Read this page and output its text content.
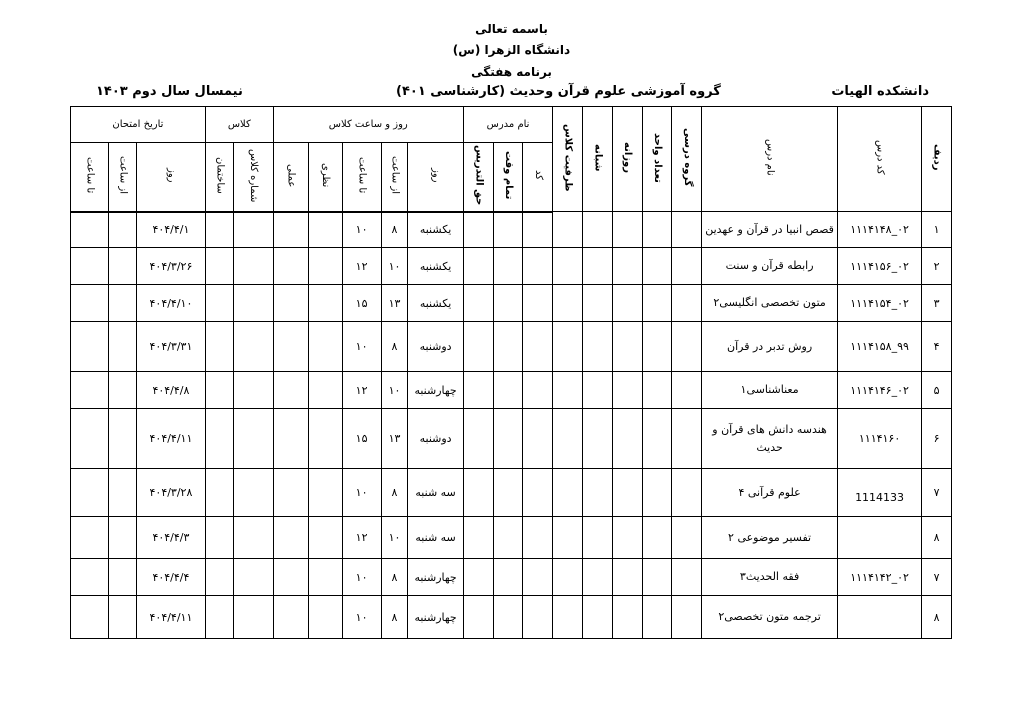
باسمه تعالی
دانشگاه الزهرا (س)
برنامه هفتگی
دانشکده الهیات
گروه آموزشی علوم قرآن وحدیث (کارشناسی ۴۰۱)
نیمسال سال دوم ۱۴۰۳
ردیف	کد درس	نام درس	گروه درسی	تعداد واحد	روزانه	شبانه	ظرفیت کلاس	نام مدرس			روز و ساعت کلاس					کلاس		تاریخ امتحان		
								کد	تمام وقت	حق التدریس	روز	از ساعت	تا ساعت	نظری	عملی	شماره کلاس	ساختمان	روز	از ساعت	تا ساعت
۱	۰۲_۱۱۱۴۱۴۸	قصص انبیا در قرآن و عهدین									یکشنبه	۸	۱۰					۴۰۴/۴/۱		
۲	۰۲_۱۱۱۴۱۵۶	رابطه قرآن و سنت									یکشنبه	۱۰	۱۲					۴۰۴/۳/۲۶		
۳	۰۲_۱۱۱۴۱۵۴	متون تخصصی انگلیسی۲									یکشنبه	۱۳	۱۵					۴۰۴/۴/۱۰		
۴	۹۹_۱۱۱۴۱۵۸	روش تدبر در قرآن									دوشنبه	۸	۱۰					۴۰۴/۳/۳۱		
۵	۰۲_۱۱۱۴۱۴۶	معناشناسی۱									چهارشنبه	۱۰	۱۲					۴۰۴/۴/۸		
۶	۱۱۱۴۱۶۰	هندسه دانش های قرآن و حدیث									دوشنبه	۱۳	۱۵					۴۰۴/۴/۱۱		
۷	1114133	علوم قرآنی ۴									سه شنبه	۸	۱۰					۴۰۴/۳/۲۸		
۸		تفسیر موضوعی ۲									سه شنبه	۱۰	۱۲					۴۰۴/۴/۳		
۷	۰۲_۱۱۱۴۱۴۲	فقه الحدیث۳									چهارشنبه	۸	۱۰					۴۰۴/۴/۴		
۸		ترجمه متون تخصصی۲									چهارشنبه	۸	۱۰					۴۰۴/۴/۱۱		
